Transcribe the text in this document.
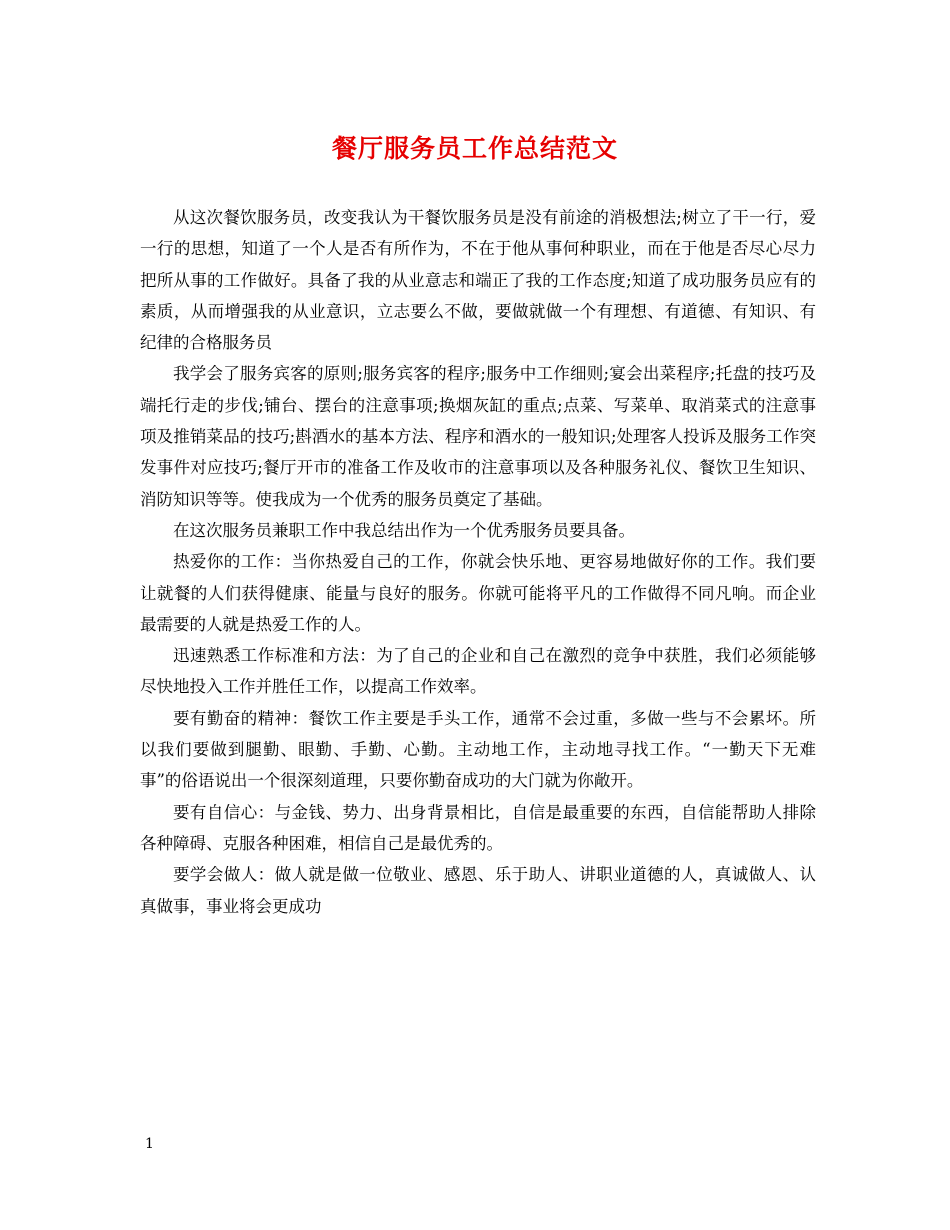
餐厅服务员工作总结范文

从这次餐饮服务员，改变我认为干餐饮服务员是没有前途的消极想法;树立了干一行，爱一行的思想，知道了一个人是否有所作为，不在于他从事何种职业，而在于他是否尽心尽力把所从事的工作做好。具备了我的从业意志和端正了我的工作态度;知道了成功服务员应有的素质，从而增强我的从业意识，立志要么不做，要做就做一个有理想、有道德、有知识、有纪律的合格服务员

我学会了服务宾客的原则;服务宾客的程序;服务中工作细则;宴会出菜程序;托盘的技巧及端托行走的步伐;铺台、摆台的注意事项;换烟灰缸的重点;点菜、写菜单、取消菜式的注意事项及推销菜品的技巧;斟酒水的基本方法、程序和酒水的一般知识;处理客人投诉及服务工作突发事件对应技巧;餐厅开市的准备工作及收市的注意事项以及各种服务礼仪、餐饮卫生知识、消防知识等等。使我成为一个优秀的服务员奠定了基础。

在这次服务员兼职工作中我总结出作为一个优秀服务员要具备。

热爱你的工作：当你热爱自己的工作，你就会快乐地、更容易地做好你的工作。我们要让就餐的人们获得健康、能量与良好的服务。你就可能将平凡的工作做得不同凡响。而企业最需要的人就是热爱工作的人。

迅速熟悉工作标准和方法：为了自己的企业和自己在激烈的竞争中获胜，我们必须能够尽快地投入工作并胜任工作，以提高工作效率。

要有勤奋的精神：餐饮工作主要是手头工作，通常不会过重，多做一些与不会累坏。所以我们要做到腿勤、眼勤、手勤、心勤。主动地工作，主动地寻找工作。“一勤天下无难事”的俗语说出一个很深刻道理，只要你勤奋成功的大门就为你敞开。

要有自信心：与金钱、势力、出身背景相比，自信是最重要的东西，自信能帮助人排除各种障碍、克服各种困难，相信自己是最优秀的。

要学会做人：做人就是做一位敬业、感恩、乐于助人、讲职业道德的人，真诚做人、认真做事，事业将会更成功

1
